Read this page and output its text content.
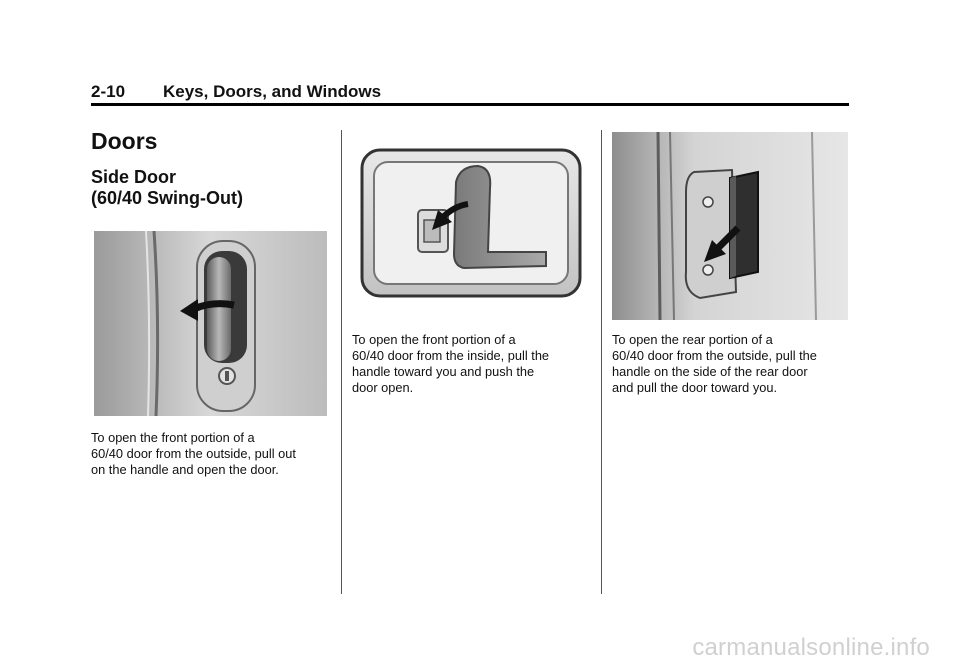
2-10 Keys, Doors, and Windows
Doors
Side Door
(60/40 Swing-Out)

To open the front portion of a
60/40 door from the outside, pull out
on the handle and open the door.

To open the front portion of a
60/40 door from the inside, pull the
handle toward you and push the
door open.

To open the rear portion of a
60/40 door from the outside, pull the
handle on the side of the rear door
and pull the door toward you.

carmanualsonline.info
